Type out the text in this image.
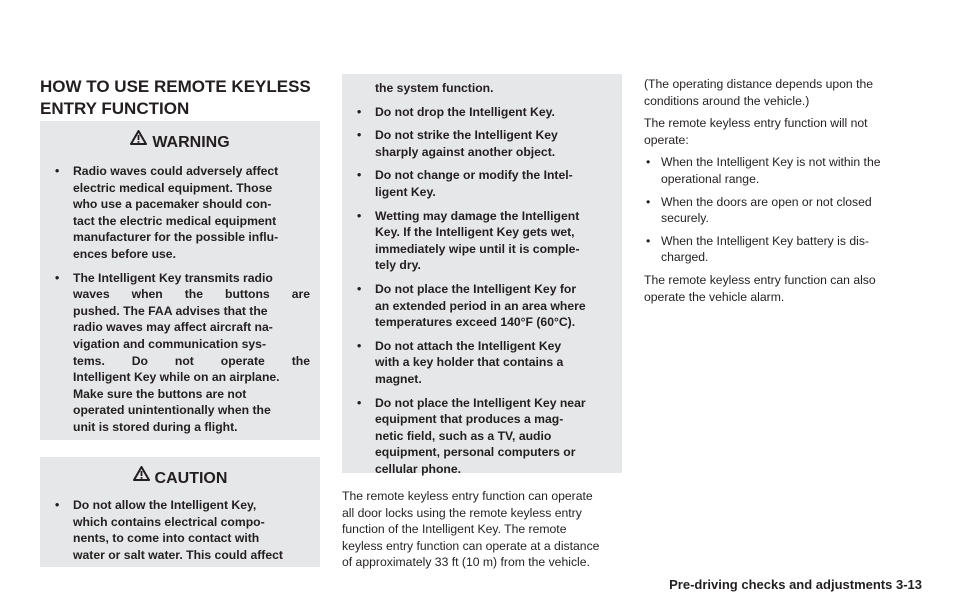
HOW TO USE REMOTE KEYLESS
ENTRY FUNCTION
WARNING
• Radio waves could adversely affect
electric medical equipment. Those
who use a pacemaker should con-
tact the electric medical equipment
manufacturer for the possible influ-
ences before use.
• The Intelligent Key transmits radio
waves when the buttons are
pushed. The FAA advises that the
radio waves may affect aircraft na-
vigation and communication sys-
tems. Do not operate the
Intelligent Key while on an airplane.
Make sure the buttons are not
operated unintentionally when the
unit is stored during a flight.
CAUTION
• Do not allow the Intelligent Key,
which contains electrical compo-
nents, to come into contact with
water or salt water. This could affect
the system function.
• Do not drop the Intelligent Key.
• Do not strike the Intelligent Key
sharply against another object.
• Do not change or modify the Intel-
ligent Key.
• Wetting may damage the Intelligent
Key. If the Intelligent Key gets wet,
immediately wipe until it is comple-
tely dry.
• Do not place the Intelligent Key for
an extended period in an area where
temperatures exceed 140°F (60°C).
• Do not attach the Intelligent Key
with a key holder that contains a
magnet.
• Do not place the Intelligent Key near
equipment that produces a mag-
netic field, such as a TV, audio
equipment, personal computers or
cellular phone.
The remote keyless entry function can operate
all door locks using the remote keyless entry
function of the Intelligent Key. The remote
keyless entry function can operate at a distance
of approximately 33 ft (10 m) from the vehicle.

(The operating distance depends upon the
conditions around the vehicle.)

The remote keyless entry function will not
operate:

• When the Intelligent Key is not within the
operational range.
• When the doors are open or not closed
securely.
• When the Intelligent Key battery is dis-
charged.

The remote keyless entry function can also
operate the vehicle alarm.

Pre-driving checks and adjustments 3-13
